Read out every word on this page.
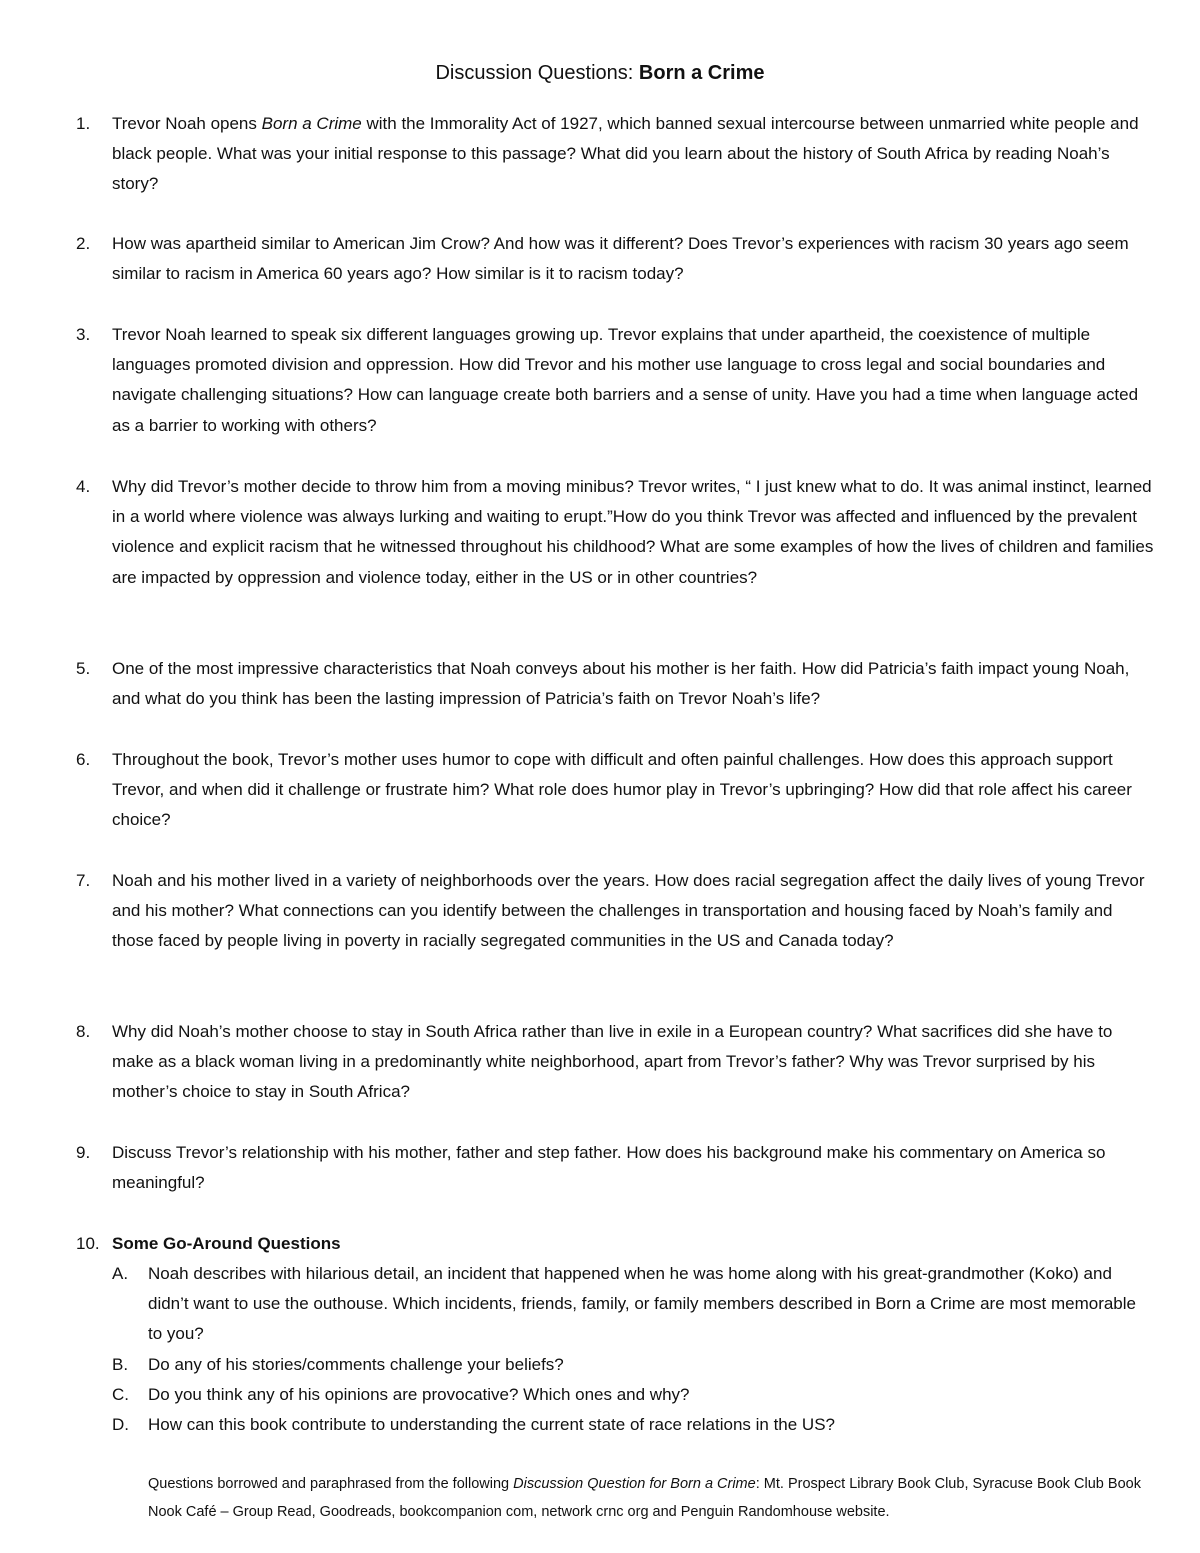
Discussion Questions: Born a Crime
1.	Trevor Noah opens Born a Crime with the Immorality Act of 1927, which banned sexual intercourse between unmarried white people and black people. What was your initial response to this passage? What did you learn about the history of South Africa by reading Noah’s story?
2.	How was apartheid similar to American Jim Crow? And how was it different? Does Trevor’s experiences with racism 30 years ago seem similar to racism in America 60 years ago? How similar is it to racism today?
3.	Trevor Noah learned to speak six different languages growing up. Trevor explains that under apartheid, the coexistence of multiple languages promoted division and oppression. How did Trevor and his mother use language to cross legal and social boundaries and navigate challenging situations? How can language create both barriers and a sense of unity. Have you had a time when language acted as a barrier to working with others?
4.	Why did Trevor’s mother decide to throw him from a moving minibus? Trevor writes, “ I just knew what to do. It was animal instinct, learned in a world where violence was always lurking and waiting to erupt.”How do you think Trevor was affected and influenced by the prevalent violence and explicit racism that he witnessed throughout his childhood? What are some examples of how the lives of children and families are impacted by oppression and violence today, either in the US or in other countries?
5.	One of the most impressive characteristics that Noah conveys about his mother is her faith. How did Patricia’s faith impact young Noah, and what do you think has been the lasting impression of Patricia’s faith on Trevor Noah’s life?
6.	Throughout the book, Trevor’s mother uses humor to cope with difficult and often painful challenges. How does this approach support Trevor, and when did it challenge or frustrate him? What role does humor play in Trevor’s upbringing? How did that role affect his career choice?
7.	Noah and his mother lived in a variety of neighborhoods over the years. How does racial segregation affect the daily lives of young Trevor and his mother? What connections can you identify between the challenges in transportation and housing faced by Noah’s family and those faced by people living in poverty in racially segregated communities in the US and Canada today?
8.	Why did Noah’s mother choose to stay in South Africa rather than live in exile in a European country? What sacrifices did she have to make as a black woman living in a predominantly white neighborhood, apart from Trevor’s father? Why was Trevor surprised by his mother’s choice to stay in South Africa?
9.	Discuss Trevor’s relationship with his mother, father and step father. How does his background make his commentary on America so meaningful?
10. Some Go-Around Questions
A.	Noah describes with hilarious detail, an incident that happened when he was home along with his great-grandmother (Koko) and didn’t want to use the outhouse. Which incidents, friends, family, or family members described in Born a Crime are most memorable to you?
B.	Do any of his stories/comments challenge your beliefs?
C.	Do you think any of his opinions are provocative? Which ones and why?
D.	How can this book contribute to understanding the current state of race relations in the US?
Questions borrowed and paraphrased from the following Discussion Question for Born a Crime: Mt. Prospect Library Book Club, Syracuse Book Club Book Nook Café – Group Read, Goodreads, bookcompanion com, network crnc org and Penguin Randomhouse website.
